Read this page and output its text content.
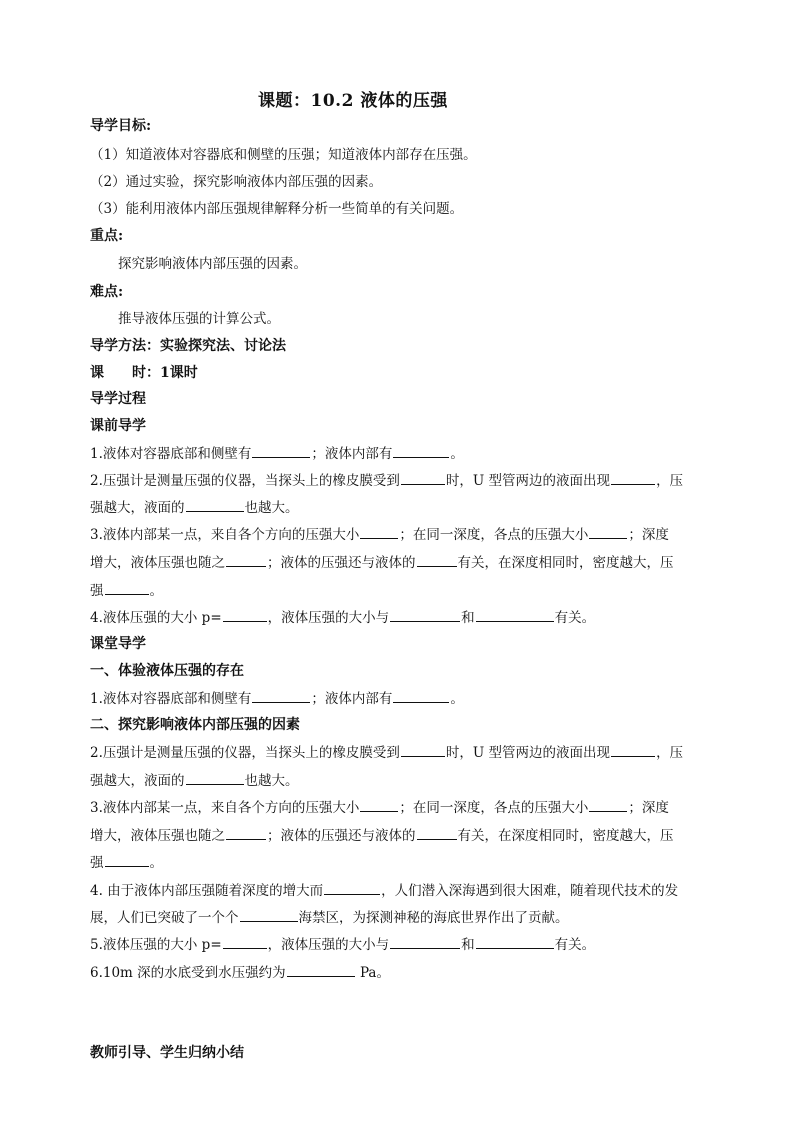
课题：10.2 液体的压强
导学目标:
（1）知道液体对容器底和侧壁的压强；知道液体内部存在压强。
（2）通过实验，探究影响液体内部压强的因素。
（3）能利用液体内部压强规律解释分析一些简单的有关问题。
重点:
探究影响液体内部压强的因素。
难点:
推导液体压强的计算公式。
导学方法：实验探究法、讨论法
课　　时：1课时
导学过程
课前导学
1.液体对容器底部和侧壁有	；液体内部有	。
2.压强计是测量压强的仪器，当探头上的橡皮膜受到	时，U 型管两边的液面出现	，压
强越大，液面的	也越大。
3.液体内部某一点，来自各个方向的压强大小	；在同一深度，各点的压强大小	；深度
增大，液体压强也随之	；液体的压强还与液体的	有关，在深度相同时，密度越大，压
强	。
4.液体压强的大小 p=	，液体压强的大小与	和	有关。
课堂导学
一、体验液体压强的存在
1.液体对容器底部和侧壁有	；液体内部有	。
二、探究影响液体内部压强的因素
2.压强计是测量压强的仪器，当探头上的橡皮膜受到	时，U 型管两边的液面出现	，压
强越大，液面的	也越大。
3.液体内部某一点，来自各个方向的压强大小	；在同一深度，各点的压强大小	；深度
增大，液体压强也随之	；液体的压强还与液体的	有关，在深度相同时，密度越大，压
强	。
4. 由于液体内部压强随着深度的增大而	，人们潜入深海遇到很大困难，随着现代技术的发
展，人们已突破了一个个	海禁区，为探测神秘的海底世界作出了贡献。
5.液体压强的大小 p=	，液体压强的大小与	和	有关。
6.10m 深的水底受到水压强约为	Pa。
教师引导、学生归纳小结
